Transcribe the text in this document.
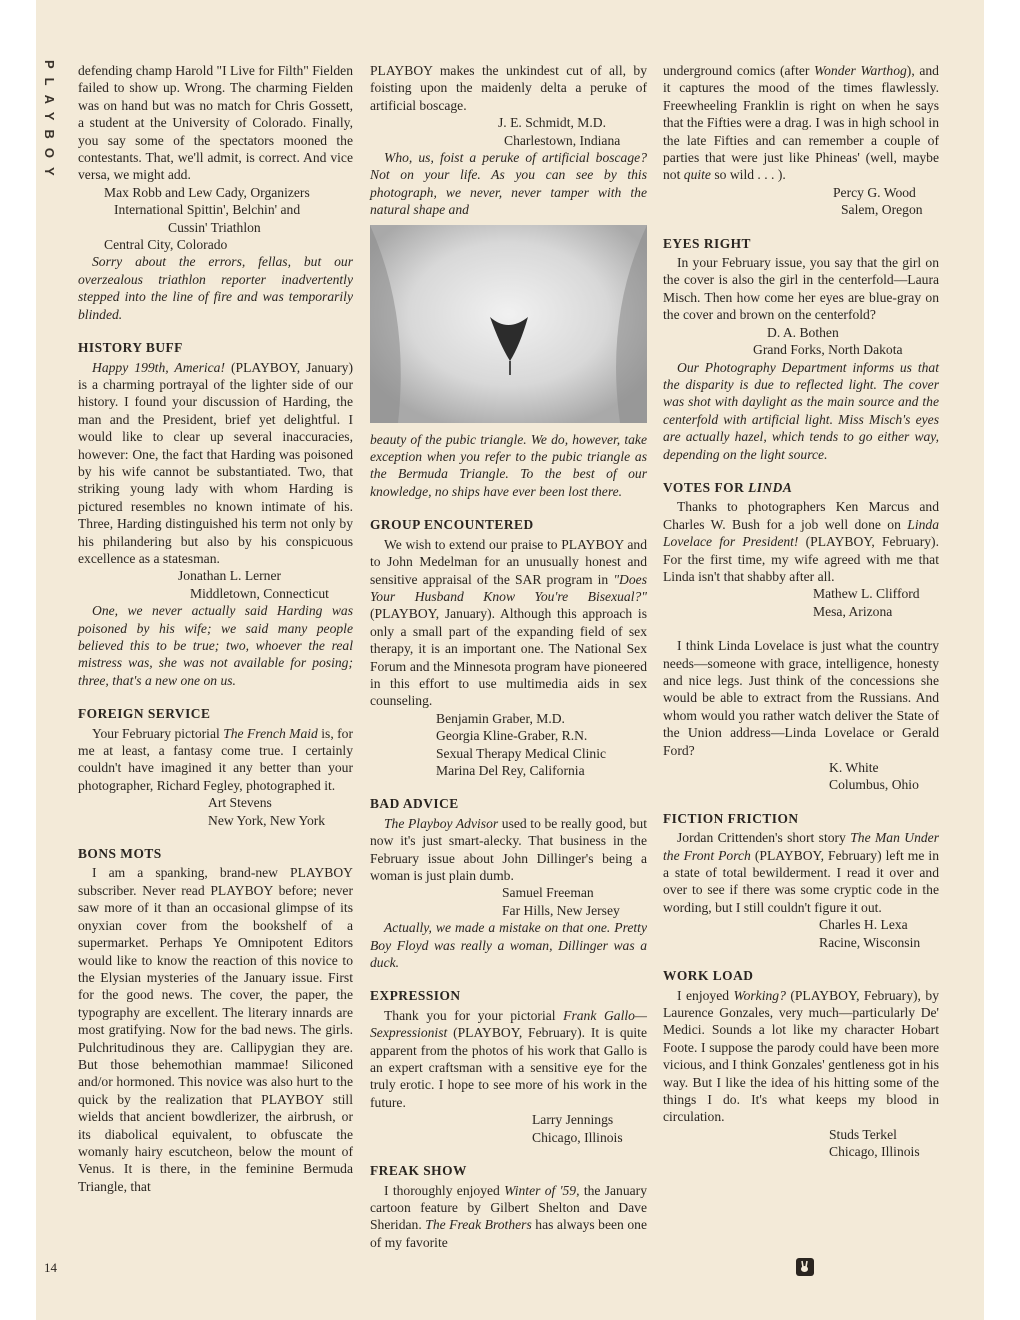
PLAYBOY
14

defending champ Harold "I Live for Filth" Fielden failed to show up. Wrong. The charming Fielden was on hand but was no match for Chris Gossett, a student at the University of Colorado. Finally, you say some of the spectators mooned the contestants. That, we'll admit, is correct. And vice versa, we might add.

Max Robb and Lew Cady, Organizers
International Spittin', Belchin' and
Cussin' Triathlon
Central City, Colorado

Sorry about the errors, fellas, but our overzealous triathlon reporter inadvertently stepped into the line of fire and was temporarily blinded.

HISTORY BUFF

Happy 199th, America! (PLAYBOY, January) is a charming portrayal of the lighter side of our history. I found your discussion of Harding, the man and the President, brief yet delightful. I would like to clear up several inaccuracies, however: One, the fact that Harding was poisoned by his wife cannot be substantiated. Two, that striking young lady with whom Harding is pictured resembles no known intimate of his. Three, Harding distinguished his term not only by his philandering but also by his conspicuous excellence as a statesman.

Jonathan L. Lerner
Middletown, Connecticut

One, we never actually said Harding was poisoned by his wife; we said many people believed this to be true; two, whoever the real mistress was, she was not available for posing; three, that's a new one on us.

FOREIGN SERVICE

Your February pictorial The French Maid is, for me at least, a fantasy come true. I certainly couldn't have imagined it any better than your photographer, Richard Fegley, photographed it.

Art Stevens
New York, New York
BONS MOTS

I am a spanking, brand-new PLAYBOY subscriber. Never read PLAYBOY before; never saw more of it than an occasional glimpse of its onyxian cover from the bookshelf of a supermarket. Perhaps Ye Omnipotent Editors would like to know the reaction of this novice to the Elysian mysteries of the January issue. First for the good news. The cover, the paper, the typography are excellent. The literary innards are most gratifying. Now for the bad news. The girls. Pulchritudinous they are. Callipygian they are. But those behemothian mammae! Siliconed and/or hormoned. This novice was also hurt to the quick by the realization that PLAYBOY still wields that ancient bowdlerizer, the airbrush, or its diabolical equivalent, to obfuscate the womanly hairy escutcheon, below the mount of Venus. It is there, in the feminine Bermuda Triangle, that

PLAYBOY makes the unkindest cut of all, by foisting upon the maidenly delta a peruke of artificial boscage.

J. E. Schmidt, M.D.
Charlestown, Indiana

Who, us, foist a peruke of artificial boscage? Not on your life. As you can see by this photograph, we never, never tamper with the natural shape and

beauty of the pubic triangle. We do, however, take exception when you refer to the pubic triangle as the Bermuda Triangle. To the best of our knowledge, no ships have ever been lost there.

GROUP ENCOUNTERED

We wish to extend our praise to PLAYBOY and to John Medelman for an unusually honest and sensitive appraisal of the SAR program in "Does Your Husband Know You're Bisexual?" (PLAYBOY, January). Although this approach is only a small part of the expanding field of sex therapy, it is an important one. The National Sex Forum and the Minnesota program have pioneered in this effort to use multimedia aids in sex counseling.

Benjamin Graber, M.D.
Georgia Kline-Graber, R.N.
Sexual Therapy Medical Clinic
Marina Del Rey, California
BAD ADVICE

The Playboy Advisor used to be really good, but now it's just smart-alecky. That business in the February issue about John Dillinger's being a woman is just plain dumb.

Samuel Freeman
Far Hills, New Jersey

Actually, we made a mistake on that one. Pretty Boy Floyd was really a woman, Dillinger was a duck.

EXPRESSION

Thank you for your pictorial Frank Gallo—Sexpressionist (PLAYBOY, February). It is quite apparent from the photos of his work that Gallo is an expert craftsman with a sensitive eye for the truly erotic. I hope to see more of his work in the future.

Larry Jennings
Chicago, Illinois
FREAK SHOW

I thoroughly enjoyed Winter of '59, the January cartoon feature by Gilbert Shelton and Dave Sheridan. The Freak Brothers has always been one of my favorite

underground comics (after Wonder Warthog), and it captures the mood of the times flawlessly. Freewheeling Franklin is right on when he says that the Fifties were a drag. I was in high school in the late Fifties and can remember a couple of parties that were just like Phineas' (well, maybe not quite so wild . . . ).

Percy G. Wood
Salem, Oregon
EYES RIGHT

In your February issue, you say that the girl on the cover is also the girl in the centerfold—Laura Misch. Then how come her eyes are blue-gray on the cover and brown on the centerfold?

D. A. Bothen
Grand Forks, North Dakota

Our Photography Department informs us that the disparity is due to reflected light. The cover was shot with daylight as the main source and the centerfold with artificial light. Miss Misch's eyes are actually hazel, which tends to go either way, depending on the light source.

VOTES FOR LINDA

Thanks to photographers Ken Marcus and Charles W. Bush for a job well done on Linda Lovelace for President! (PLAYBOY, February). For the first time, my wife agreed with me that Linda isn't that shabby after all.

Mathew L. Clifford
Mesa, Arizona

I think Linda Lovelace is just what the country needs—someone with grace, intelligence, honesty and nice legs. Just think of the concessions she would be able to extract from the Russians. And whom would you rather watch deliver the State of the Union address—Linda Lovelace or Gerald Ford?

K. White
Columbus, Ohio
FICTION FRICTION

Jordan Crittenden's short story The Man Under the Front Porch (PLAYBOY, February) left me in a state of total bewilderment. I read it over and over to see if there was some cryptic code in the wording, but I still couldn't figure it out.

Charles H. Lexa
Racine, Wisconsin
WORK LOAD

I enjoyed Working? (PLAYBOY, February), by Laurence Gonzales, very much—particularly De' Medici. Sounds a lot like my character Hobart Foote. I suppose the parody could have been more vicious, and I think Gonzales' gentleness got in his way. But I like the idea of his hitting some of the things I do. It's what keeps my blood in circulation.

Studs Terkel
Chicago, Illinois
